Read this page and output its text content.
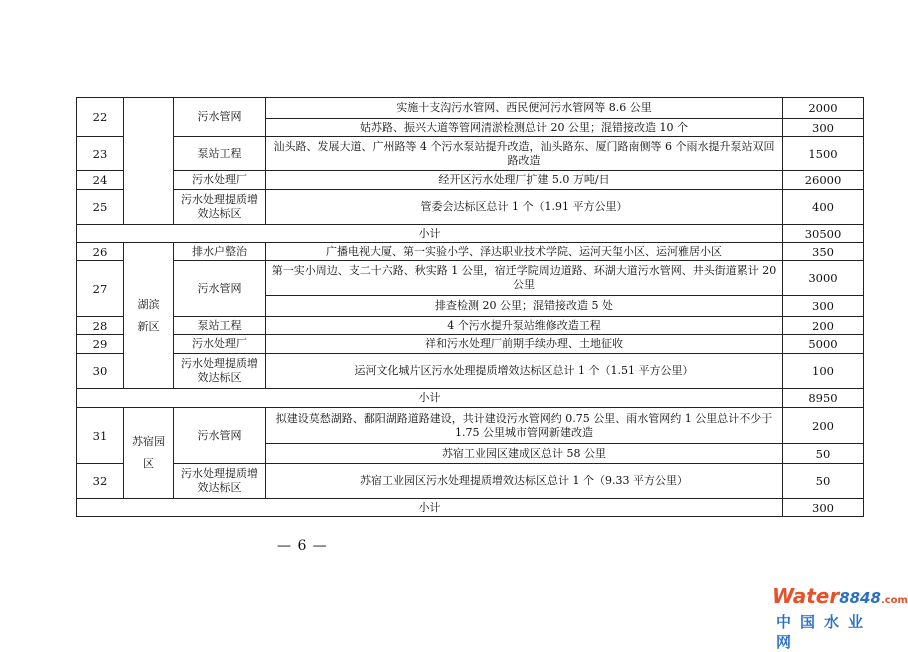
22		污水管网	实施十支沟污水管网、西民便河污水管网等 8.6 公里	2000
			姑苏路、振兴大道等管网清淤检测总计 20 公里；混错接改造 10 个	300
23		泵站工程	汕头路、发展大道、广州路等 4 个污水泵站提升改造，汕头路东、厦门路南侧等 6 个雨水提升泵站双回路改造	1500
24		污水处理厂	经开区污水处理厂扩建 5.0 万吨/日	26000
25		污水处理提质增效达标区	管委会达标区总计 1 个（1.91 平方公里）	400

小计				30500
26	湖滨新区	排水户整治	广播电视大厦、第一实验小学、泽达职业技术学院、运河天玺小区、运河雅居小区	350
27		污水管网	第一实小周边、支二十六路、秋实路 1 公里，宿迁学院周边道路、环湖大道污水管网、井头街道累计 20 公里	3000
			排查检测 20 公里；混错接改造 5 处	300
28		泵站工程	4 个污水提升泵站维修改造工程	200
29		污水处理厂	祥和污水处理厂前期手续办理、土地征收	5000
30		污水处理提质增效达标区	运河文化城片区污水处理提质增效达标区总计 1 个（1.51 平方公里）	100

小计				8950
31	苏宿园区	污水管网	拟建设莫愁湖路、鄱阳湖路道路建设，共计建设污水管网约 0.75 公里、雨水管网约 1 公里总计不少于 1.75 公里城市管网新建改造	200
			苏宿工业园区建成区总计 58 公里	50
32		污水处理提质增效达标区	苏宿工业园区污水处理提质增效达标区总计 1 个（9.33 平方公里）	50
小计				300
— 6 —
Water8848.com
中国水业网
